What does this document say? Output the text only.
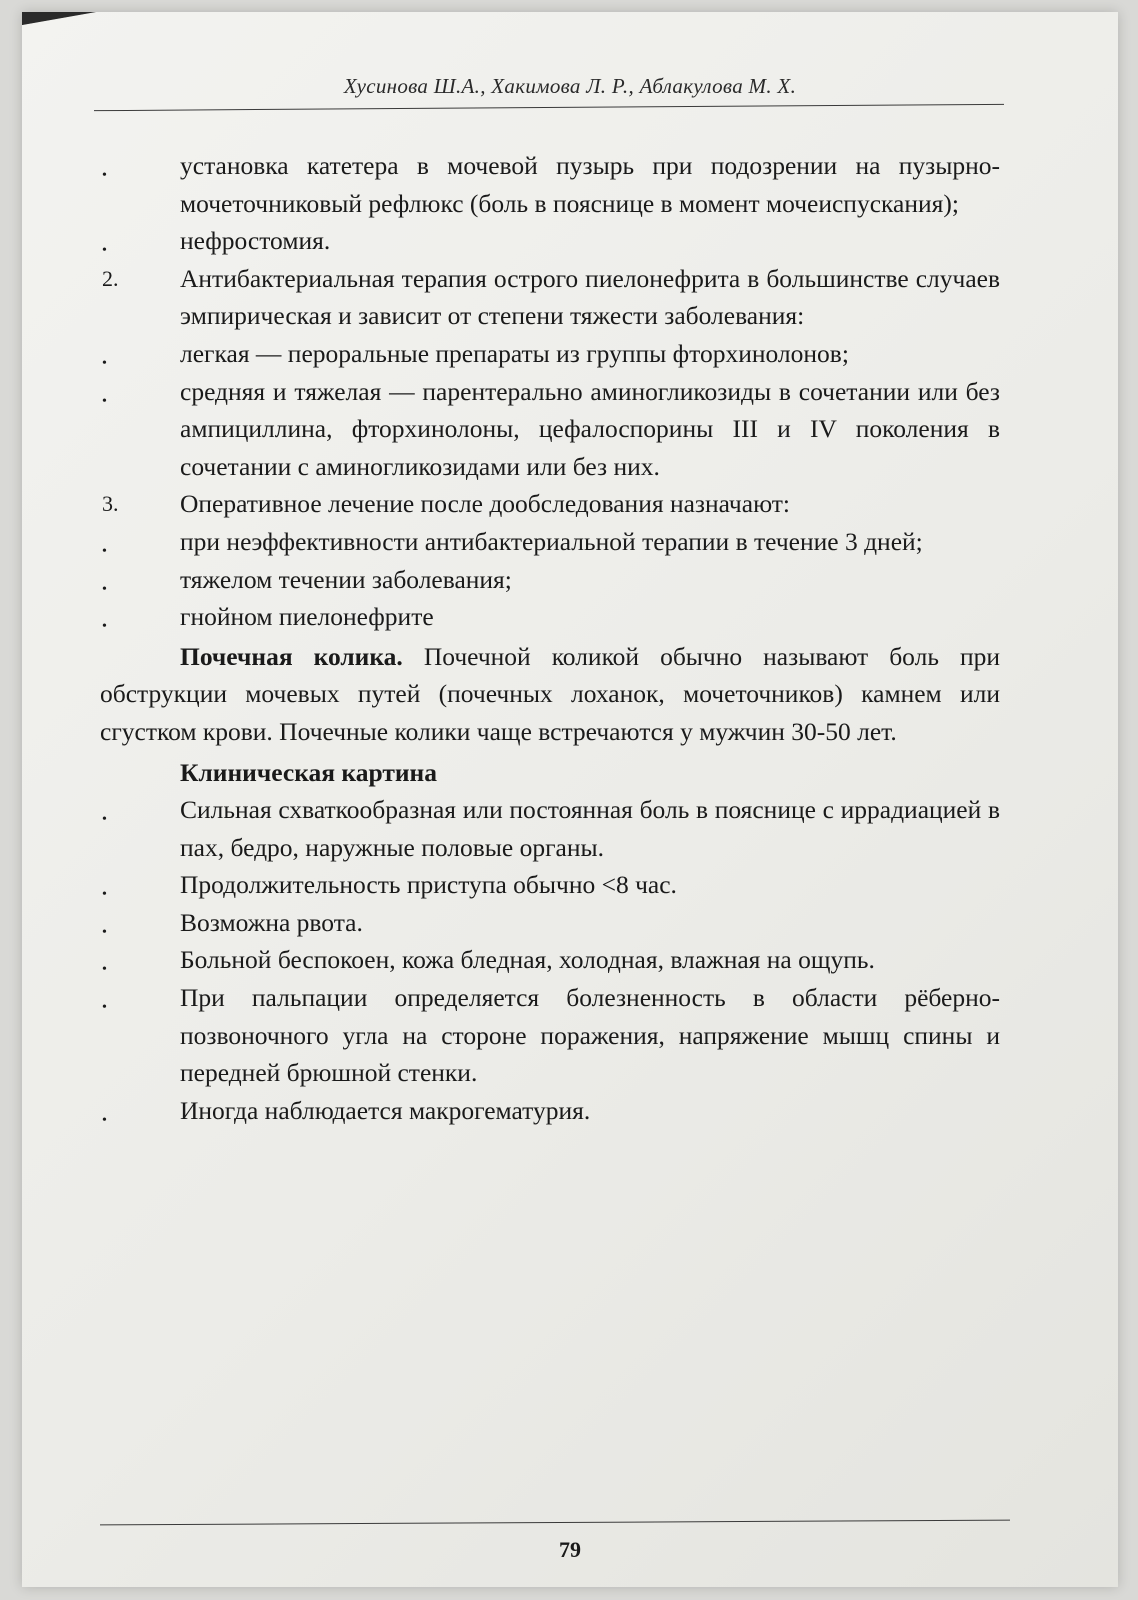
Хусинова Ш.А., Хакимова Л. Р., Аблакулова М. Х.
$_•$	установка катетера в мочевой пузырь при подозрении на пузырно-мочеточниковый рефлюкс (боль в пояснице в момент мочеиспускания);
$_•$	нефростомия.
2.	Антибактериальная терапия острого пиелонефрита в большинстве случаев эмпирическая и зависит от степени тяжести заболевания:
$_•$	легкая — пероральные препараты из группы фторхинолонов;
$_•$	средняя и тяжелая — парентерально аминогликозиды в сочетании или без ампициллина, фторхинолоны, цефалоспорины III и IV поколения в сочетании с аминогликозидами или без них.
3.	Оперативное лечение после дообследования назначают:
$_•$	при неэффективности антибактериальной терапии в течение 3 дней;
$_•$	тяжелом течении заболевания;
$_•$	гнойном пиелонефрите
Почечная колика. Почечной коликой обычно называют боль при обструкции мочевых путей (почечных лоханок, мочеточников) камнем или сгустком крови. Почечные колики чаще встречаются у мужчин 30-50 лет.
Клиническая картина
$_•$	Сильная схваткообразная или постоянная боль в пояснице с иррадиацией в пах, бедро, наружные половые органы.
$_•$	Продолжительность приступа обычно <8 час.
$_•$	Возможна рвота.
$_•$	Больной беспокоен, кожа бледная, холодная, влажная на ощупь.
$_•$	При пальпации определяется болезненность в области рёберно-позвоночного угла на стороне поражения, напряжение мышц спины и передней брюшной стенки.
$_•$	Иногда наблюдается макрогематурия.
79
